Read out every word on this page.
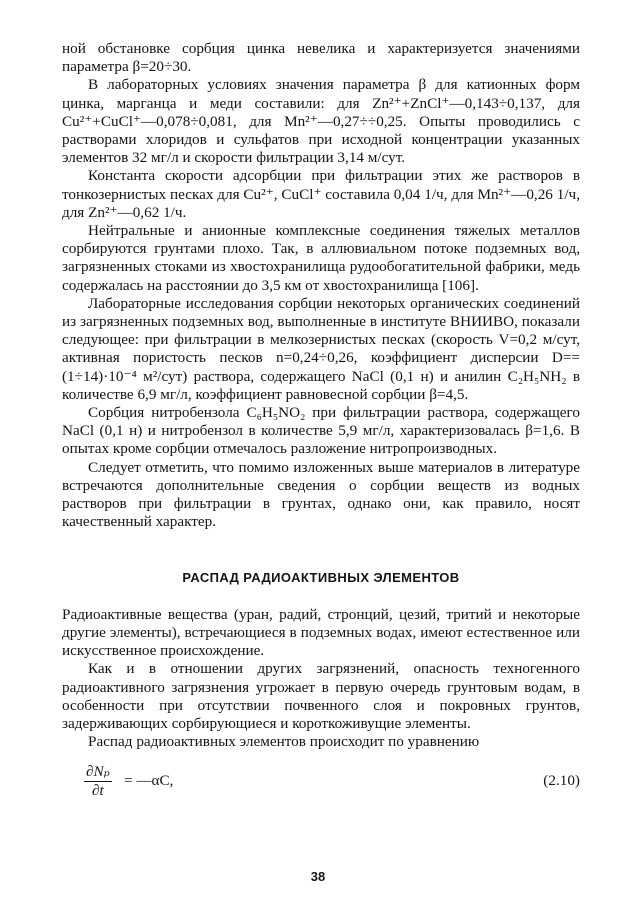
ной обстановке сорбция цинка невелика и характеризуется значениями параметра β=20÷30.

В лабораторных условиях значения параметра β для катионных форм цинка, марганца и меди составили: для Zn²⁺+ZnCl⁺—0,143÷0,137, для Cu²⁺+CuCl⁺—0,078÷0,081, для Mn²⁺—0,27÷÷0,25. Опыты проводились с растворами хлоридов и сульфатов при исходной концентрации указанных элементов 32 мг/л и скорости фильтрации 3,14 м/сут.

Константа скорости адсорбции при фильтрации этих же растворов в тонкозернистых песках для Cu²⁺, CuCl⁺ составила 0,04 1/ч, для Mn²⁺—0,26 1/ч, для Zn²⁺—0,62 1/ч.

Нейтральные и анионные комплексные соединения тяжелых металлов сорбируются грунтами плохо. Так, в аллювиальном потоке подземных вод, загрязненных стоками из хвостохранилища рудообогатительной фабрики, медь содержалась на расстоянии до 3,5 км от хвостохранилища [106].

Лабораторные исследования сорбции некоторых органических соединений из загрязненных подземных вод, выполненные в институте ВНИИВО, показали следующее: при фильтрации в мелкозернистых песках (скорость V=0,2 м/сут, активная пористость песков n=0,24÷0,26, коэффициент дисперсии D==(1÷14)·10⁻⁴ м²/сут) раствора, содержащего NaCl (0,1 н) и анилин C₂H₅NH₂ в количестве 6,9 мг/л, коэффициент равновесной сорбции β=4,5.

Сорбция нитробензола C₆H₅NO₂ при фильтрации раствора, содержащего NaCl (0,1 н) и нитробензол в количестве 5,9 мг/л, характеризовалась β=1,6. В опытах кроме сорбции отмечалось разложение нитропроизводных.

Следует отметить, что помимо изложенных выше материалов в литературе встречаются дополнительные сведения о сорбции веществ из водных растворов при фильтрации в грунтах, однако они, как правило, носят качественный характер.

РАСПАД РАДИОАКТИВНЫХ ЭЛЕМЕНТОВ

Радиоактивные вещества (уран, радий, стронций, цезий, тритий и некоторые другие элементы), встречающиеся в подземных водах, имеют естественное или искусственное происхождение.

Как и в отношении других загрязнений, опасность техногенного радиоактивного загрязнения угрожает в первую очередь грунтовым водам, в особенности при отсутствии почвенного слоя и покровных грунтов, задерживающих сорбирующиеся и короткоживущие элементы.

Распад радиоактивных элементов происходит по уравнению

$\frac{\text{∂Nₚ}}{\partial t}$ = —αC,	(2.10)
38
